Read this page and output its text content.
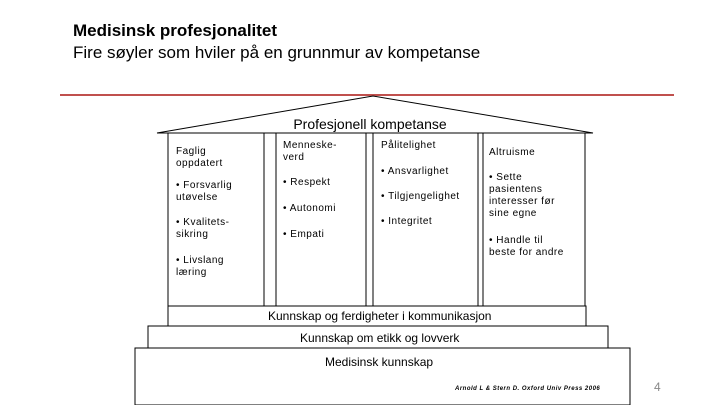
Medisinsk profesjonalitet
Fire søyler som hviler på en grunnmur av kompetanse
Profesjonell kompetanse
Faglig
oppdatert
• Forsvarlig
utøvelse
• Kvalitets-
sikring
• Livslang
læring
Menneske-
verd
• Respekt
• Autonomi
• Empati
Pålitelighet
• Ansvarlighet
• Tilgjengelighet
• Integritet
Altruisme
• Sette
pasientens
interesser før
sine egne
• Handle til
beste for andre
Kunnskap og ferdigheter i kommunikasjon
Kunnskap om etikk og lovverk
Medisinsk kunnskap
Arnold L & Stern D. Oxford Univ Press 2006	4
